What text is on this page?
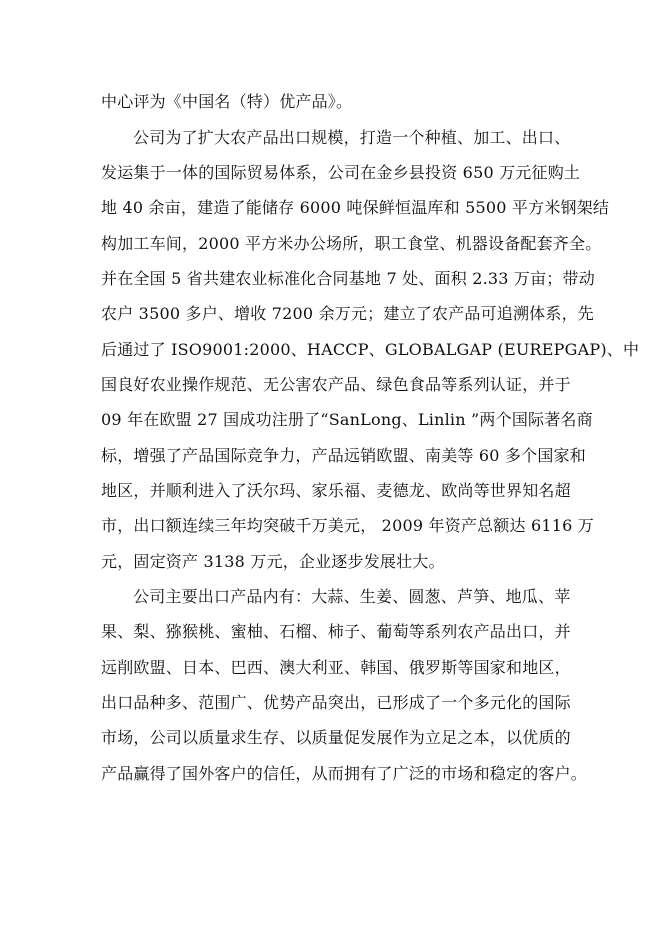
中心评为《中国名（特）优产品》。
公司为了扩大农产品出口规模，打造一个种植、加工、出口、
发运集于一体的国际贸易体系，公司在金乡县投资 650 万元征购土
地 40 余亩，建造了能储存 6000 吨保鲜恒温库和 5500 平方米钢架结
构加工车间，2000 平方米办公场所，职工食堂、机器设备配套齐全。
并在全国 5 省共建农业标准化合同基地 7 处、面积 2.33 万亩；带动
农户 3500 多户、增收 7200 余万元；建立了农产品可追溯体系，先
后通过了 ISO9001:2000、HACCP、GLOBALGAP (EUREPGAP)、中
国良好农业操作规范、无公害农产品、绿色食品等系列认证，并于
09 年在欧盟 27 国成功注册了“SanLong、Linlin ”两个国际著名商
标，增强了产品国际竞争力，产品远销欧盟、南美等 60 多个国家和
地区，并顺利进入了沃尔玛、家乐福、麦德龙、欧尚等世界知名超
市，出口额连续三年均突破千万美元， 2009 年资产总额达 6116 万
元，固定资产 3138 万元，企业逐步发展壮大。
公司主要出口产品内有：大蒜、生姜、圆葱、芦笋、地瓜、苹
果、梨、猕猴桃、蜜柚、石榴、柿子、葡萄等系列农产品出口，并
远削欧盟、日本、巴西、澳大利亚、韩国、俄罗斯等国家和地区，
出口品种多、范围广、优势产品突出，已形成了一个多元化的国际
市场，公司以质量求生存、以质量促发展作为立足之本，以优质的
产品赢得了国外客户的信任，从而拥有了广泛的市场和稳定的客户。
